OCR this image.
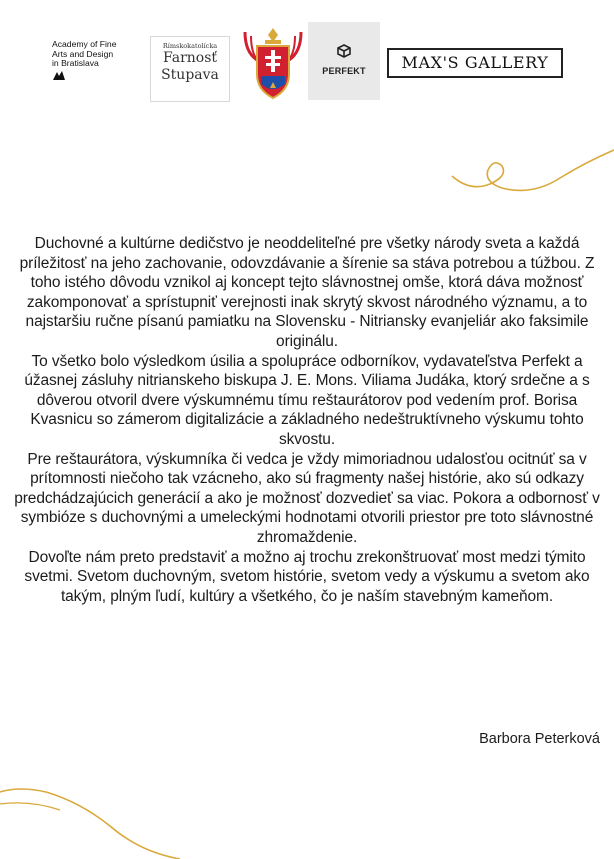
Academy of Fine
Arts and Design
in Bratislava
Rímskokatolícka
Farnosť
Stupava	PERFEKT	MAX'S GALLERY

Duchovné a kultúrne dedičstvo je neoddeliteľné pre všetky národy sveta a každá príležitosť na jeho zachovanie, odovzdávanie a šírenie sa stáva potrebou a túžbou. Z toho istého dôvodu vznikol aj koncept tejto slávnostnej omše, ktorá dáva možnosť zakomponovať a sprístupniť verejnosti inak skrytý skvost národného významu, a to najstaršiu ručne písanú pamiatku na Slovensku - Nitriansky evanjeliár ako faksimile originálu.

To všetko bolo výsledkom úsilia a spolupráce odborníkov, vydavateľstva Perfekt a úžasnej zásluhy nitrianskeho biskupa J. E. Mons. Viliama Judáka, ktorý srdečne a s dôverou otvoril dvere výskumnému tímu reštaurátorov pod vedením prof. Borisa Kvasnicu so zámerom digitalizácie a základného nedeštruktívneho výskumu tohto skvostu.

Pre reštaurátora, výskumníka či vedca je vždy mimoriadnou udalosťou ocitnúť sa v prítomnosti niečoho tak vzácneho, ako sú fragmenty našej histórie, ako sú odkazy predchádzajúcich generácií a ako je možnosť dozvedieť sa viac. Pokora a odbornosť v symbióze s duchovnými a umeleckými hodnotami otvorili priestor pre toto slávnostné zhromaždenie.

Dovoľte nám preto predstaviť a možno aj trochu zrekonštruovať most medzi týmito svetmi. Svetom duchovným, svetom histórie, svetom vedy a výskumu a svetom ako takým, plným ľudí, kultúry a všetkého, čo je naším stavebným kameňom.

Barbora Peterková
